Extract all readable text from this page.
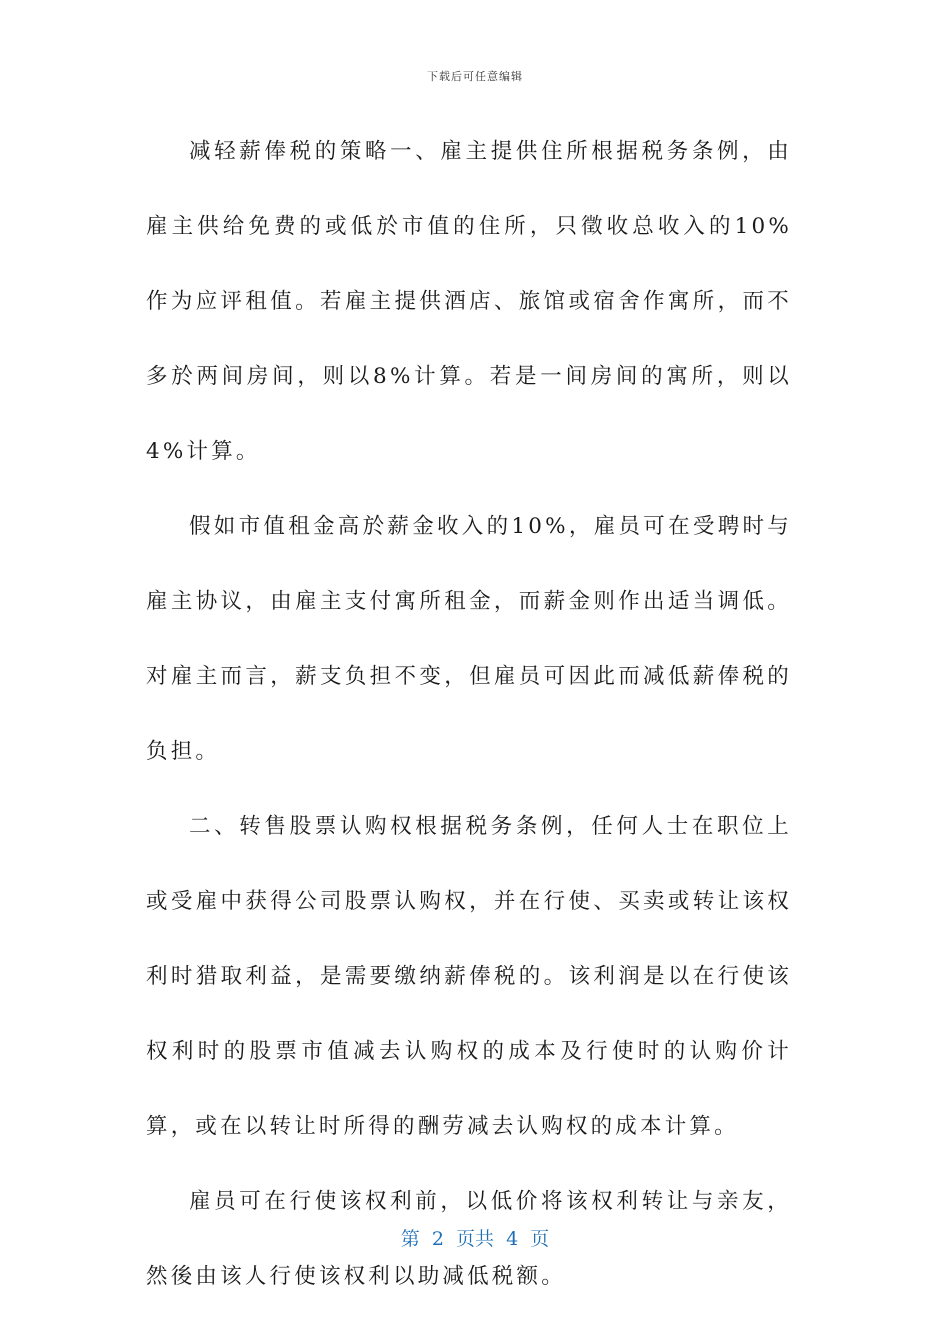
下载后可任意编辑

减轻薪俸税的策略一、雇主提供住所根据税务条例，由雇主供给免费的或低於市值的住所，只徵收总收入的10%作为应评租值。若雇主提供酒店、旅馆或宿舍作寓所，而不多於两间房间，则以8%计算。若是一间房间的寓所，则以4%计算。

假如市值租金高於薪金收入的10%，雇员可在受聘时与雇主协议，由雇主支付寓所租金，而薪金则作出适当调低。对雇主而言，薪支负担不变，但雇员可因此而减低薪俸税的负担。

二、转售股票认购权根据税务条例，任何人士在职位上或受雇中获得公司股票认购权，并在行使、买卖或转让该权利时猎取利益，是需要缴纳薪俸税的。该利润是以在行使该权利时的股票市值减去认购权的成本及行使时的认购价计算，或在以转让时所得的酬劳减去认购权的成本计算。

雇员可在行使该权利前，以低价将该权利转让与亲友，然後由该人行使该权利以助减低税额。

第  2  页共  4  页
